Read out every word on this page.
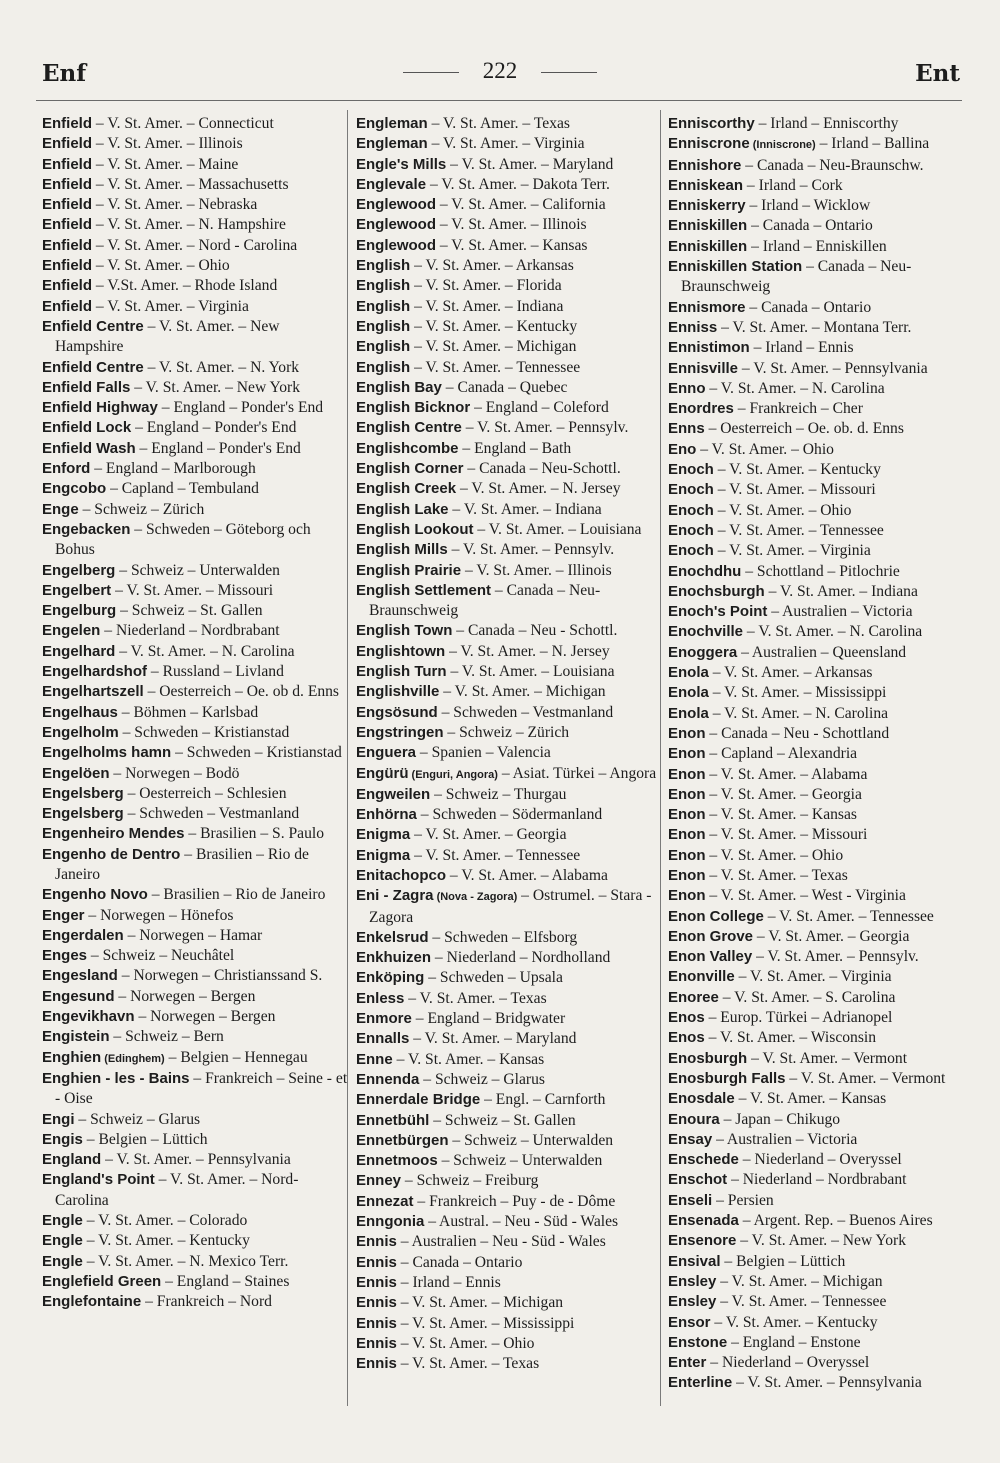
Enf	222	Ent
Enfield – V. St. Amer. – Connecticut
Enfield – V. St. Amer. – Illinois
Enfield – V. St. Amer. – Maine
Enfield – V. St. Amer. – Massachusetts
Enfield – V. St. Amer. – Nebraska
Enfield – V. St. Amer. – N. Hampshire
Enfield – V. St. Amer. – Nord - Carolina
Enfield – V. St. Amer. – Ohio
Enfield – V.St. Amer. – Rhode Island
Enfield – V. St. Amer. – Virginia
Enfield Centre – V. St. Amer. – New Hampshire
Enfield Centre – V. St. Amer. – N. York
Enfield Falls – V. St. Amer. – New York
Enfield Highway – England – Ponder's End
Enfield Lock – England – Ponder's End
Enfield Wash – England – Ponder's End
Enford – England – Marlborough
Engcobo – Capland – Tembuland
Enge – Schweiz – Zürich
Engebacken – Schweden – Göteborg och Bohus
Engelberg – Schweiz – Unterwalden
Engelbert – V. St. Amer. – Missouri
Engelburg – Schweiz – St. Gallen
Engelen – Niederland – Nordbrabant
Engelhard – V. St. Amer. – N. Carolina
Engelhardshof – Russland – Livland
Engelhartszell – Oesterreich – Oe. ob d. Enns
Engelhaus – Böhmen – Karlsbad
Engelholm – Schweden – Kristianstad
Engelholms hamn – Schweden – Kristianstad
Engelöen – Norwegen – Bodö
Engelsberg – Oesterreich – Schlesien
Engelsberg – Schweden – Vestmanland
Engenheiro Mendes – Brasilien – S. Paulo
Engenho de Dentro – Brasilien – Rio de Janeiro
Engenho Novo – Brasilien – Rio de Janeiro
Enger – Norwegen – Hönefos
Engerdalen – Norwegen – Hamar
Enges – Schweiz – Neuchâtel
Engesland – Norwegen – Christianssand S.
Engesund – Norwegen – Bergen
Engevikhavn – Norwegen – Bergen
Engistein – Schweiz – Bern
Enghien (Edinghem) – Belgien – Hennegau
Enghien - les - Bains – Frankreich – Seine - et - Oise
Engi – Schweiz – Glarus
Engis – Belgien – Lüttich
England – V. St. Amer. – Pennsylvania
England's Point – V. St. Amer. – Nord-Carolina
Engle – V. St. Amer. – Colorado
Engle – V. St. Amer. – Kentucky
Engle – V. St. Amer. – N. Mexico Terr.
Englefield Green – England – Staines
Englefontaine – Frankreich – Nord
Engleman – V. St. Amer. – Texas
Engleman – V. St. Amer. – Virginia
Engle's Mills – V. St. Amer. – Maryland
Englevale – V. St. Amer. – Dakota Terr.
Englewood – V. St. Amer. – California
Englewood – V. St. Amer. – Illinois
Englewood – V. St. Amer. – Kansas
English – V. St. Amer. – Arkansas
English – V. St. Amer. – Florida
English – V. St. Amer. – Indiana
English – V. St. Amer. – Kentucky
English – V. St. Amer. – Michigan
English – V. St. Amer. – Tennessee
English Bay – Canada – Quebec
English Bicknor – England – Coleford
English Centre – V. St. Amer. – Pennsylv.
Englishcombe – England – Bath
English Corner – Canada – Neu-Schottl.
English Creek – V. St. Amer. – N. Jersey
English Lake – V. St. Amer. – Indiana
English Lookout – V. St. Amer. – Louisiana
English Mills – V. St. Amer. – Pennsylv.
English Prairie – V. St. Amer. – Illinois
English Settlement – Canada – Neu-Braunschweig
English Town – Canada – Neu - Schottl.
Englishtown – V. St. Amer. – N. Jersey
English Turn – V. St. Amer. – Louisiana
Englishville – V. St. Amer. – Michigan
Engsösund – Schweden – Vestmanland
Engstringen – Schweiz – Zürich
Enguera – Spanien – Valencia
Engürü (Enguri, Angora) – Asiat. Türkei – Angora
Engweilen – Schweiz – Thurgau
Enhörna – Schweden – Södermanland
Enigma – V. St. Amer. – Georgia
Enigma – V. St. Amer. – Tennessee
Enitachopco – V. St. Amer. – Alabama
Eni - Zagra (Nova - Zagora) – Ostrumel. – Stara - Zagora
Enkelsrud – Schweden – Elfsborg
Enkhuizen – Niederland – Nordholland
Enköping – Schweden – Upsala
Enless – V. St. Amer. – Texas
Enmore – England – Bridgwater
Ennalls – V. St. Amer. – Maryland
Enne – V. St. Amer. – Kansas
Ennenda – Schweiz – Glarus
Ennerdale Bridge – Engl. – Carnforth
Ennetbühl – Schweiz – St. Gallen
Ennetbürgen – Schweiz – Unterwalden
Ennetmoos – Schweiz – Unterwalden
Enney – Schweiz – Freiburg
Ennezat – Frankreich – Puy - de - Dôme
Enngonia – Austral. – Neu - Süd - Wales
Ennis – Australien – Neu - Süd - Wales
Ennis – Canada – Ontario
Ennis – Irland – Ennis
Ennis – V. St. Amer. – Michigan
Ennis – V. St. Amer. – Mississippi
Ennis – V. St. Amer. – Ohio
Ennis – V. St. Amer. – Texas
Enniscorthy – Irland – Enniscorthy
Enniscrone (Inniscrone) – Irland – Ballina
Ennishore – Canada – Neu-Braunschw.
Enniskean – Irland – Cork
Enniskerry – Irland – Wicklow
Enniskillen – Canada – Ontario
Enniskillen – Irland – Enniskillen
Enniskillen Station – Canada – Neu-Braunschweig
Ennismore – Canada – Ontario
Enniss – V. St. Amer. – Montana Terr.
Ennistimon – Irland – Ennis
Ennisville – V. St. Amer. – Pennsylvania
Enno – V. St. Amer. – N. Carolina
Enordres – Frankreich – Cher
Enns – Oesterreich – Oe. ob. d. Enns
Eno – V. St. Amer. – Ohio
Enoch – V. St. Amer. – Kentucky
Enoch – V. St. Amer. – Missouri
Enoch – V. St. Amer. – Ohio
Enoch – V. St. Amer. – Tennessee
Enoch – V. St. Amer. – Virginia
Enochdhu – Schottland – Pitlochrie
Enochsburgh – V. St. Amer. – Indiana
Enoch's Point – Australien – Victoria
Enochville – V. St. Amer. – N. Carolina
Enoggera – Australien – Queensland
Enola – V. St. Amer. – Arkansas
Enola – V. St. Amer. – Mississippi
Enola – V. St. Amer. – N. Carolina
Enon – Canada – Neu - Schottland
Enon – Capland – Alexandria
Enon – V. St. Amer. – Alabama
Enon – V. St. Amer. – Georgia
Enon – V. St. Amer. – Kansas
Enon – V. St. Amer. – Missouri
Enon – V. St. Amer. – Ohio
Enon – V. St. Amer. – Texas
Enon – V. St. Amer. – West - Virginia
Enon College – V. St. Amer. – Tennessee
Enon Grove – V. St. Amer. – Georgia
Enon Valley – V. St. Amer. – Pennsylv.
Enonville – V. St. Amer. – Virginia
Enoree – V. St. Amer. – S. Carolina
Enos – Europ. Türkei – Adrianopel
Enos – V. St. Amer. – Wisconsin
Enosburgh – V. St. Amer. – Vermont
Enosburgh Falls – V. St. Amer. – Vermont
Enosdale – V. St. Amer. – Kansas
Enoura – Japan – Chikugo
Ensay – Australien – Victoria
Enschede – Niederland – Overyssel
Enschot – Niederland – Nordbrabant
Enseli – Persien
Ensenada – Argent. Rep. – Buenos Aires
Ensenore – V. St. Amer. – New York
Ensival – Belgien – Lüttich
Ensley – V. St. Amer. – Michigan
Ensley – V. St. Amer. – Tennessee
Ensor – V. St. Amer. – Kentucky
Enstone – England – Enstone
Enter – Niederland – Overyssel
Enterline – V. St. Amer. – Pennsylvania
